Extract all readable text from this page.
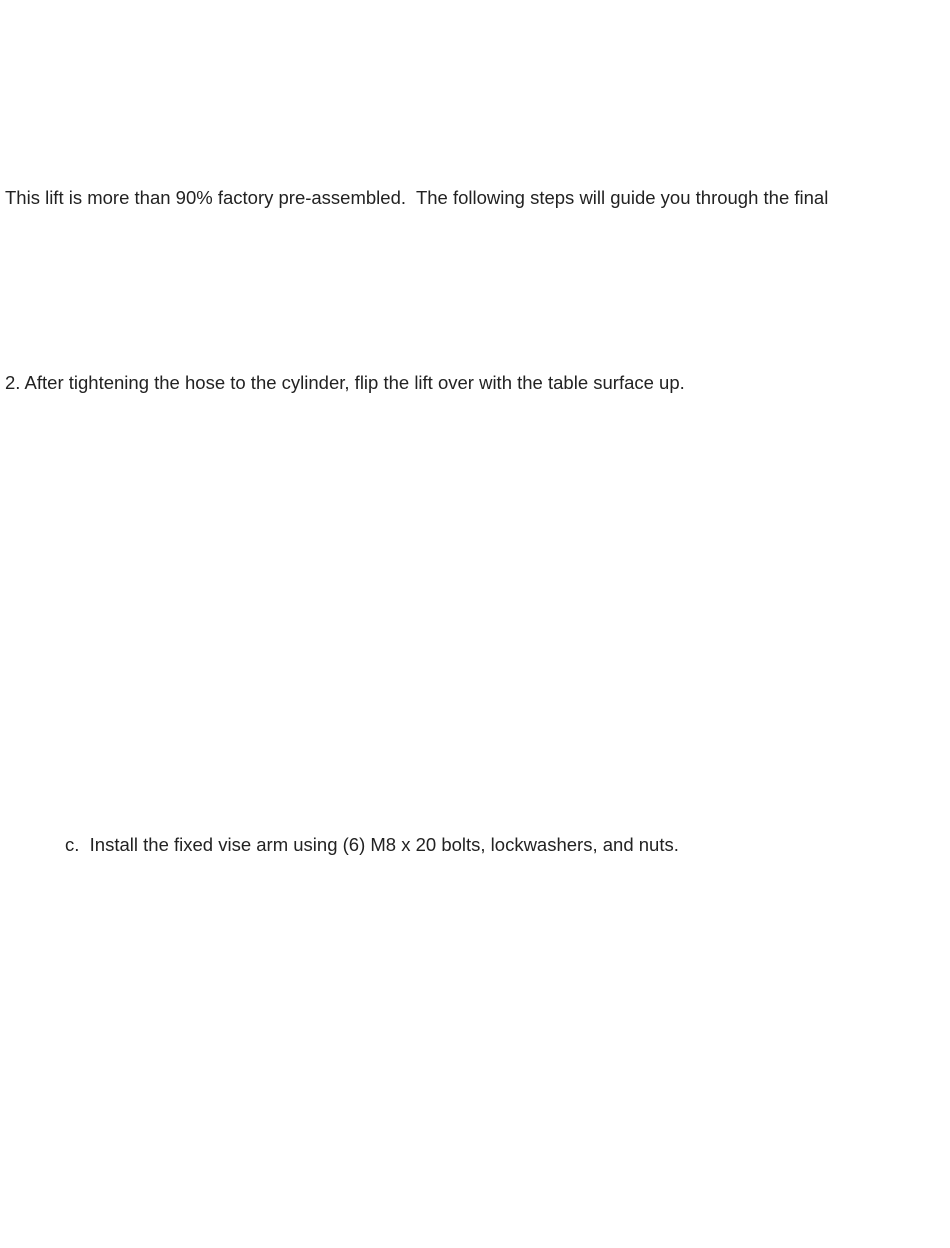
This lift is more than 90% factory pre-assembled.  The following steps will guide you through the final

2. After tightening the hose to the cylinder, flip the lift over with the table surface up.

c.  Install the fixed vise arm using (6) M8 x 20 bolts, lockwashers, and nuts.
